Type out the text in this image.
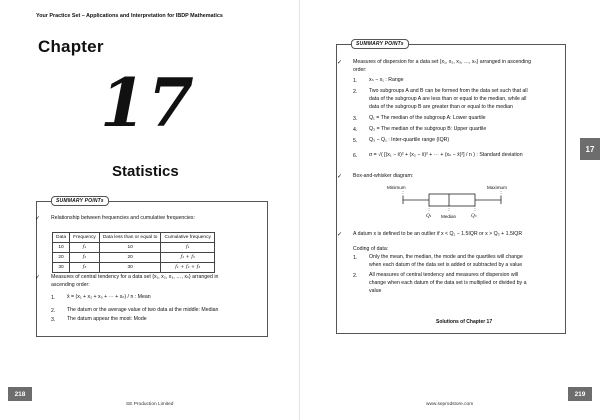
Your Practice Set – Applications and Interpretation for IBDP Mathematics
Chapter
17
Statistics
SUMMARY POINTs
✓ Relationship between frequencies and cumulative frequencies:
Data	Frequency	Data less than or equal to	Cumulative frequency
10	f₁	10	f₁
20	f₂	20	f₁ + f₂
30	f₃	30	f₁ + f₂ + f₃
✓ Measures of central tendency for a data set {x₁, x₂, x₃, …, xₙ} arranged in
ascending order:
1. x̄ = (x₁ + x₂ + x₃ + ⋯ + xₙ) / n : Mean
2. The datum or the average value of two data at the middle: Median
3. The datum appear the most: Mode
218
SE Production Limited
SUMMARY POINTs
✓ Measures of dispersion for a data set {x₁, x₂, x₃, …, xₙ} arranged in ascending
order:
1. xₙ − x₁ : Range
2. Two subgroups A and B can be formed from the data set such that all
data of the subgroup A are less than or equal to the median, while all
data of the subgroup B are greater than or equal to the median
3. Q₁ = The median of the subgroup A: Lower quartile
4. Q₃ = The median of the subgroup B: Upper quartile
5. Q₃ − Q₁ : Inter-quartile range (IQR)
6. σ = √( [(x₁ − x̄)² + (x₂ − x̄)² + ⋯ + (xₙ − x̄)²] / n ) : Standard deviation
✓ Box-and-whisker diagram:
Minimum	Maximum
Q₁ Median	Q₃
✓ A datum x is defined to be an outlier if x < Q₁ − 1.5IQR or x > Q₃ + 1.5IQR
Coding of data:
1. Only the mean, the median, the mode and the quartiles will change
when each datum of the data set is added or subtracted by a value
2. All measures of central tendency and measures of dispersion will
change when each datum of the data set is multiplied or divided by a
value
Solutions of Chapter 17
219
www.seprodstore.com
17
